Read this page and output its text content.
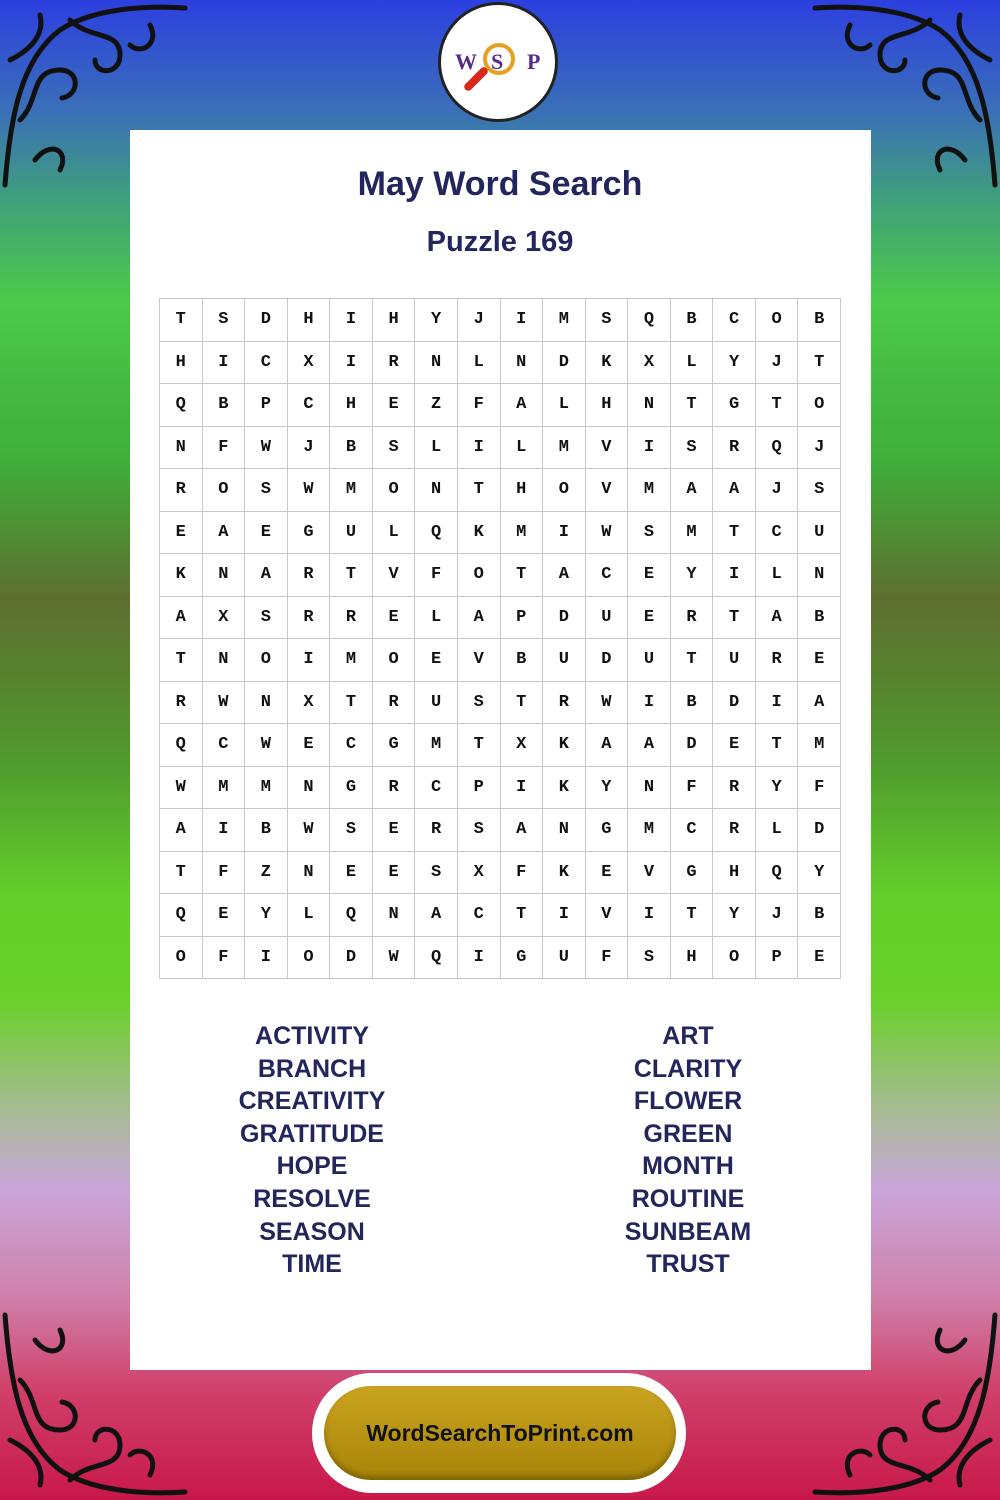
W S P
May Word Search
Puzzle 169
T	S	D	H	I	H	Y	J	I	M	S	Q	B	C	O	B
H	I	C	X	I	R	N	L	N	D	K	X	L	Y	J	T
Q	B	P	C	H	E	Z	F	A	L	H	N	T	G	T	O
N	F	W	J	B	S	L	I	L	M	V	I	S	R	Q	J
R	O	S	W	M	O	N	T	H	O	V	M	A	A	J	S
E	A	E	G	U	L	Q	K	M	I	W	S	M	T	C	U
K	N	A	R	T	V	F	O	T	A	C	E	Y	I	L	N
A	X	S	R	R	E	L	A	P	D	U	E	R	T	A	B
T	N	O	I	M	O	E	V	B	U	D	U	T	U	R	E
R	W	N	X	T	R	U	S	T	R	W	I	B	D	I	A
Q	C	W	E	C	G	M	T	X	K	A	A	D	E	T	M
W	M	M	N	G	R	C	P	I	K	Y	N	F	R	Y	F
A	I	B	W	S	E	R	S	A	N	G	M	C	R	L	D
T	F	Z	N	E	E	S	X	F	K	E	V	G	H	Q	Y
Q	E	Y	L	Q	N	A	C	T	I	V	I	T	Y	J	B
O	F	I	O	D	W	Q	I	G	U	F	S	H	O	P	E
ACTIVITY
BRANCH
CREATIVITY
GRATITUDE
HOPE
RESOLVE
SEASON
TIME
ART
CLARITY
FLOWER
GREEN
MONTH
ROUTINE
SUNBEAM
TRUST
WordSearchToPrint.com
